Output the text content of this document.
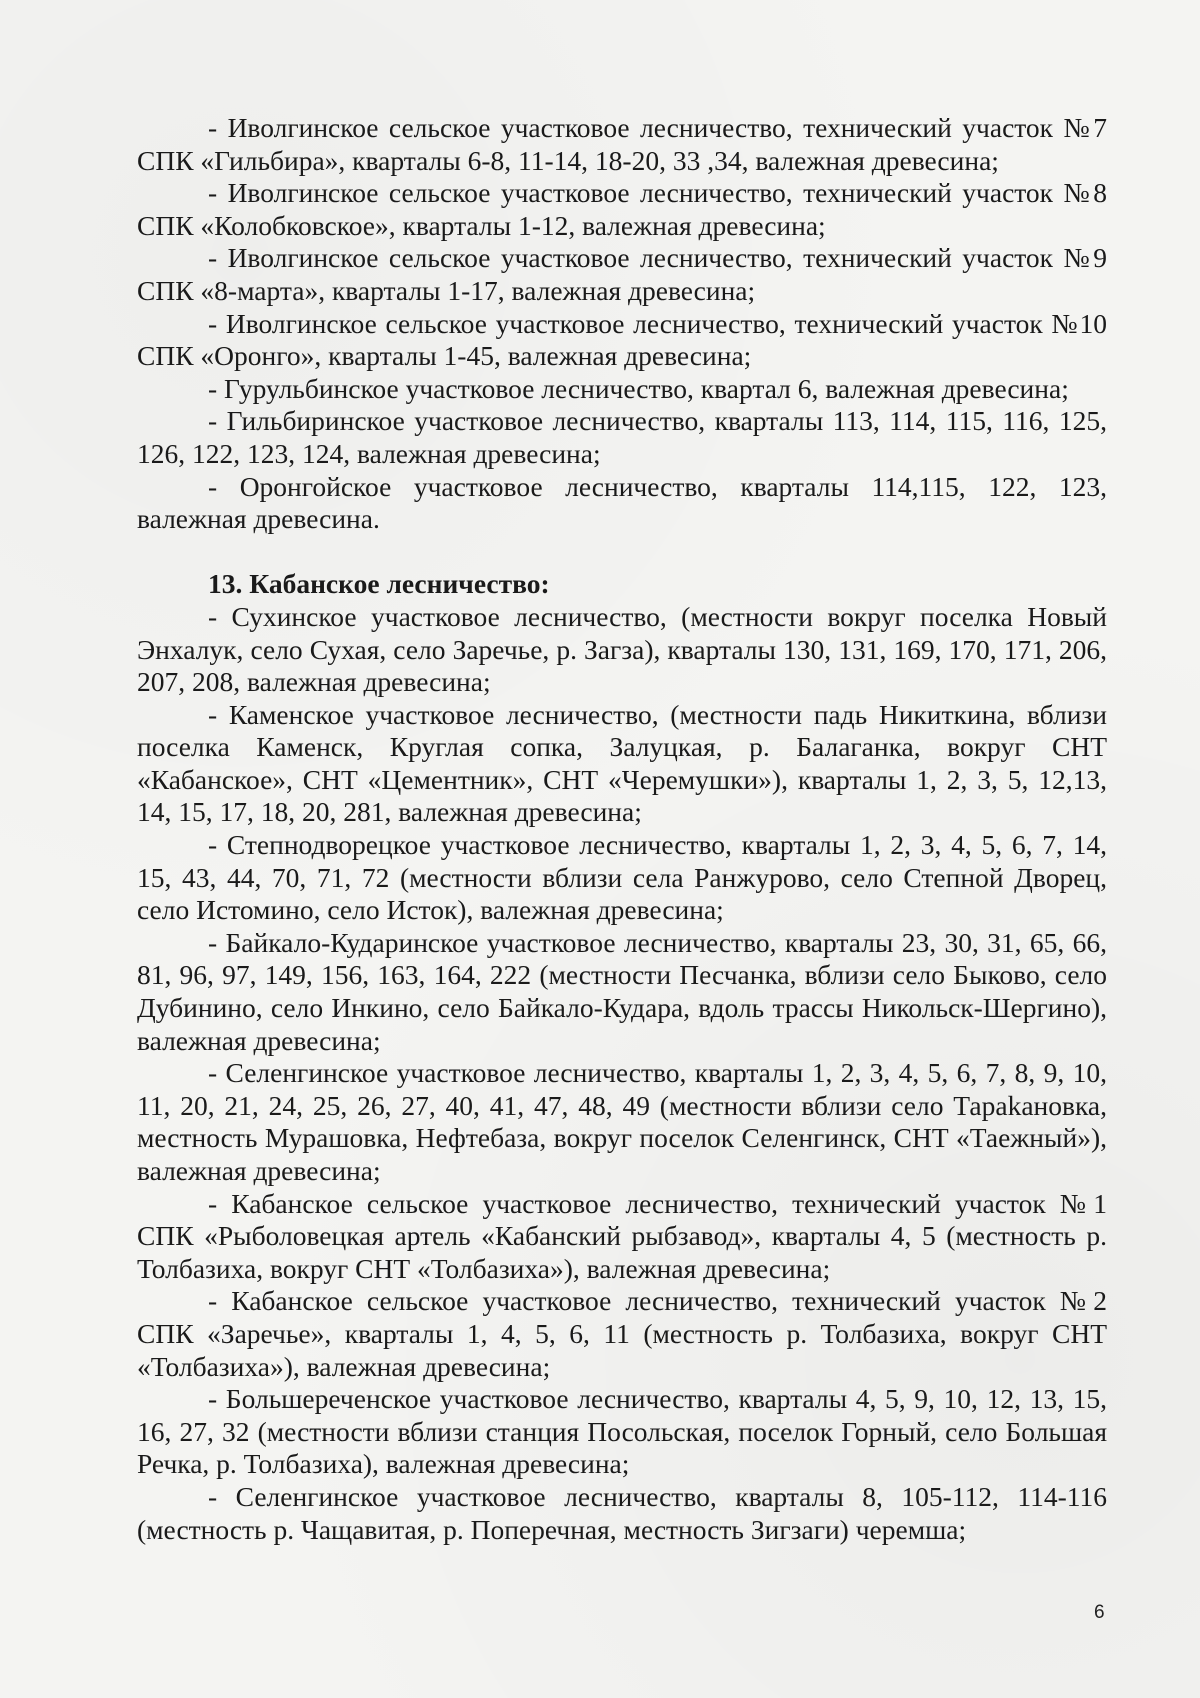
- Иволгинское сельское участковое лесничество, технический участок №7 СПК «Гильбира», кварталы 6-8, 11-14, 18-20, 33 ,34, валежная древесина;

- Иволгинское сельское участковое лесничество, технический участок №8 СПК «Колобковское», кварталы 1-12, валежная древесина;

- Иволгинское сельское участковое лесничество, технический участок №9 СПК «8-марта», кварталы 1-17, валежная древесина;

- Иволгинское сельское участковое лесничество, технический участок №10 СПК «Оронго», кварталы 1-45, валежная древесина;

- Гурульбинское участковое лесничество, квартал 6, валежная древесина;

- Гильбиринское участковое лесничество, кварталы 113, 114, 115, 116, 125, 126, 122, 123, 124, валежная древесина;

- Оронгойское участковое лесничество, кварталы 114,115, 122, 123, валежная древесина.

13. Кабанское лесничество:

- Сухинское участковое лесничество, (местности вокруг поселка Новый Энхалук, село Сухая, село Заречье, р. Загза), кварталы 130, 131, 169, 170, 171, 206, 207, 208, валежная древесина;

- Каменское участковое лесничество, (местности падь Никиткина, вблизи поселка Каменск, Круглая сопка, Залуцкая, р. Балаганка, вокруг СНТ «Кабанское», СНТ «Цементник», СНТ «Черемушки»), кварталы 1, 2, 3, 5, 12,13, 14, 15, 17, 18, 20, 281, валежная древесина;

- Степнодворецкое участковое лесничество, кварталы 1, 2, 3, 4, 5, 6, 7, 14, 15, 43, 44, 70, 71, 72 (местности вблизи села Ранжурово, село Степной Дворец, село Истомино, село Исток), валежная древесина;

- Байкало-Кударинское участковое лесничество, кварталы 23, 30, 31, 65, 66, 81, 96, 97, 149, 156, 163, 164, 222 (местности Песчанка, вблизи село Быково, село Дубинино, село Инкино, село Байкало-Кудара, вдоль трассы Никольск-Шергино), валежная древесина;

- Селенгинское участковое лесничество, кварталы 1, 2, 3, 4, 5, 6, 7, 8, 9, 10, 11, 20, 21, 24, 25, 26, 27, 40, 41, 47, 48, 49 (местности вблизи село Тарakановка, местность Мурашовка, Нефтебаза, вокруг поселок Селенгинск, СНТ «Таежный»), валежная древесина;

- Кабанское сельское участковое лесничество, технический участок №1 СПК «Рыболовецкая артель «Кабанский рыбзавод», кварталы 4, 5 (местность р. Толбазиха, вокруг СНТ «Толбазиха»), валежная древесина;

- Кабанское сельское участковое лесничество, технический участок №2 СПК «Заречье», кварталы 1, 4, 5, 6, 11 (местность р. Толбазиха, вокруг СНТ «Толбазиха»), валежная древесина;

- Большереченское участковое лесничество, кварталы 4, 5, 9, 10, 12, 13, 15, 16, 27, 32 (местности вблизи станция Посольская, поселок Горный, село Большая Речка, р. Толбазиха), валежная древесина;

- Селенгинское участковое лесничество, кварталы 8, 105-112, 114-116 (местность р. Чащавитая, р. Поперечная, местность Зигзаги) черемша;

6
